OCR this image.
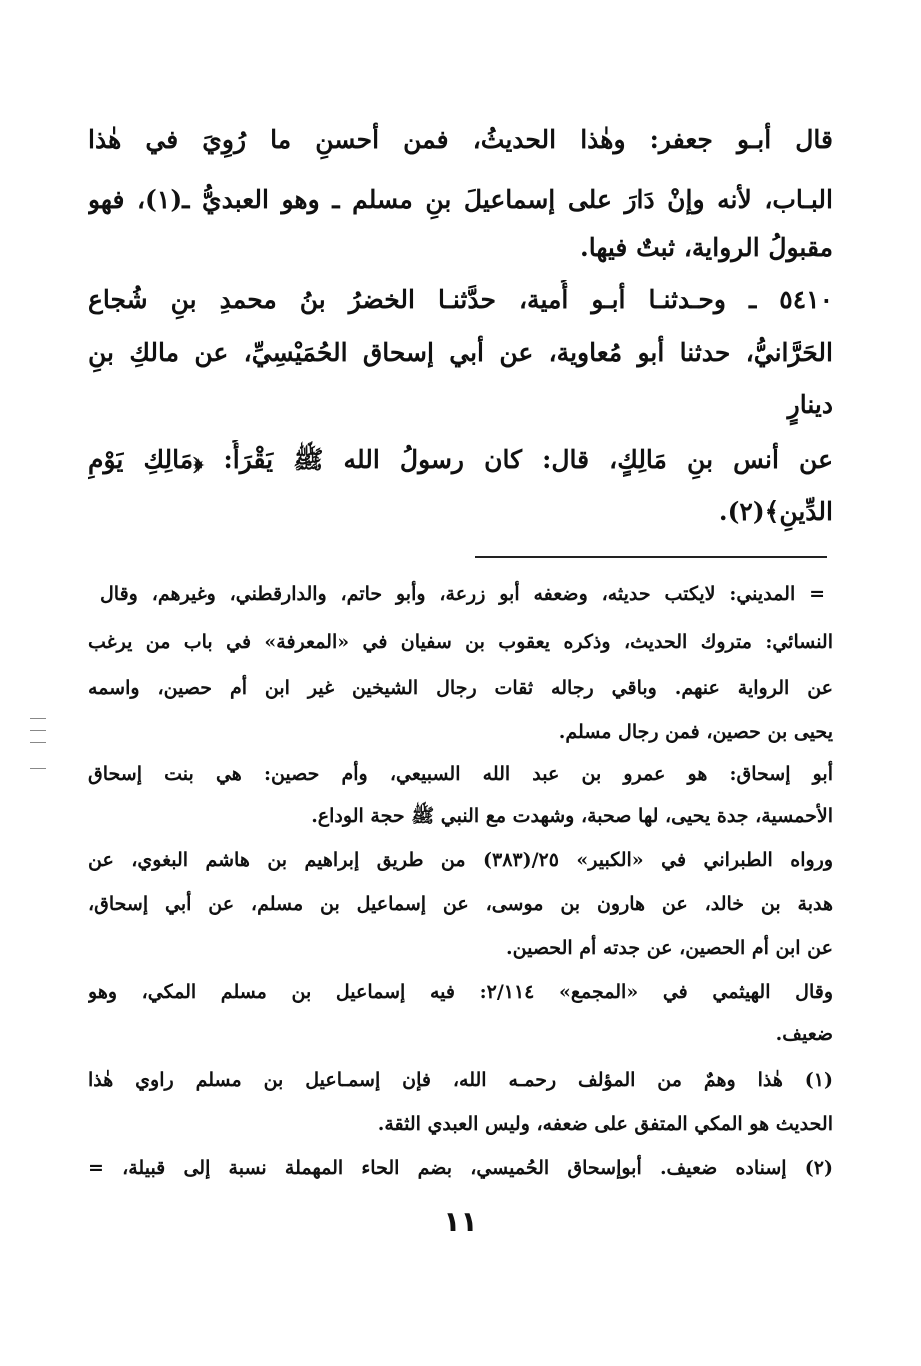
قال أبـو جعفر: وهٰذا الحديثُ، فمن أحسنِ ما رُوِيَ في هٰذا
البـاب، لأنه وإنْ دَارَ على إسماعيلَ بنِ مسلم ـ وهو العبديُّ ـ(١)، فهو
مقبولُ الرواية، ثبتٌ فيها.
٥٤١٠ ـ وحـدثنـا أبـو أُمية، حدَّثنـا الخضرُ بنُ محمدِ بنِ شُجاع
الحَرَّانيُّ، حدثنا أبو مُعاوية، عن أبي إسحاق الحُمَيْسِيِّ، عن مالكِ بنِ
دينارٍ
عن أنس بنِ مَالِكٍ، قال: كان رسولُ الله ﷺ يَقْرَأُ: ﴿مَالِكِ يَوْمِ
الدِّينِ﴾(٢).
= المديني: لايكتب حديثه، وضعفه أبو زرعة، وأبو حاتم، والدارقطني، وغيرهم، وقال
النسائي: متروك الحديث، وذكره يعقوب بن سفيان في «المعرفة» في باب من يرغب
عن الرواية عنهم. وباقي رجاله ثقات رجال الشيخين غير ابن أم حصين، واسمه
يحيى بن حصين، فمن رجال مسلم.
أبو إسحاق: هو عمرو بن عبد الله السبيعي، وأم حصين: هي بنت إسحاق
الأحمسية، جدة يحيى، لها صحبة، وشهدت مع النبي ﷺ حجة الوداع.
ورواه الطبراني في «الكبير» ٢٥/(٣٨٣) من طريق إبراهيم بن هاشم البغوي، عن
هدبة بن خالد، عن هارون بن موسى، عن إسماعيل بن مسلم، عن أبي إسحاق،
عن ابن أم الحصين، عن جدته أم الحصين.
وقال الهيثمي في «المجمع» ٢/١١٤: فيه إسماعيل بن مسلم المكي، وهو
ضعيف.
(١) هٰذا وهمٌ من المؤلف رحمـه الله، فإن إسمـاعيل بن مسلم راوي هٰذا
الحديث هو المكي المتفق على ضعفه، وليس العبدي الثقة.
(٢) إسناده ضعيف. أبوإسحاق الحُميسي، بضم الحاء المهملة نسبة إلى قبيلة، =
١١
